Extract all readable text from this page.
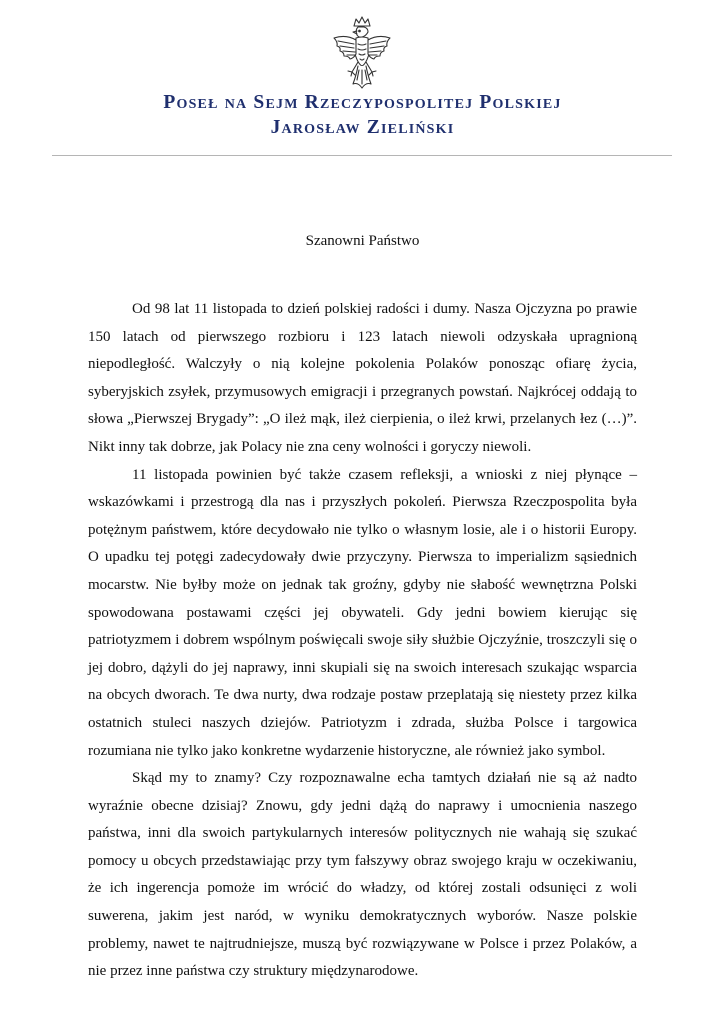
Poseł na Sejm Rzeczypospolitej Polskiej
Jarosław Zieliński
Szanowni Państwo

Od 98 lat 11 listopada to dzień polskiej radości i dumy. Nasza Ojczyzna po prawie 150 latach od pierwszego rozbioru i 123 latach niewoli odzyskała upragnioną niepodległość. Walczyły o nią kolejne pokolenia Polaków ponosząc ofiarę życia, syberyjskich zsyłek, przymusowych emigracji i przegranych powstań. Najkrócej oddają to słowa „Pierwszej Brygady”: „O ileż mąk, ileż cierpienia, o ileż krwi, przelanych łez (…)”. Nikt inny tak dobrze, jak Polacy nie zna ceny wolności i goryczy niewoli.

11 listopada powinien być także czasem refleksji, a wnioski z niej płynące – wskazówkami i przestrogą dla nas i przyszłych pokoleń. Pierwsza Rzeczpospolita była potężnym państwem, które decydowało nie tylko o własnym losie, ale i o historii Europy. O upadku tej potęgi zadecydowały dwie przyczyny. Pierwsza to imperializm sąsiednich mocarstw. Nie byłby może on jednak tak groźny, gdyby nie słabość wewnętrzna Polski spowodowana postawami części jej obywateli. Gdy jedni bowiem kierując się patriotyzmem i dobrem wspólnym poświęcali swoje siły służbie Ojczyźnie, troszczyli się o jej dobro, dążyli do jej naprawy, inni skupiali się na swoich interesach szukając wsparcia na obcych dworach. Te dwa nurty, dwa rodzaje postaw przeplatają się niestety przez kilka ostatnich stuleci naszych dziejów. Patriotyzm i zdrada, służba Polsce i targowica rozumiana nie tylko jako konkretne wydarzenie historyczne, ale również jako symbol.

Skąd my to znamy? Czy rozpoznawalne echa tamtych działań nie są aż nadto wyraźnie obecne dzisiaj? Znowu, gdy jedni dążą do naprawy i umocnienia naszego państwa, inni dla swoich partykularnych interesów politycznych nie wahają się szukać pomocy u obcych przedstawiając przy tym fałszywy obraz swojego kraju w oczekiwaniu, że ich ingerencja pomoże im wrócić do władzy, od której zostali odsunięci z woli suwerena, jakim jest naród, w wyniku demokratycznych wyborów. Nasze polskie problemy, nawet te najtrudniejsze, muszą być rozwiązywane w Polsce i przez Polaków, a nie przez inne państwa czy struktury międzynarodowe.
